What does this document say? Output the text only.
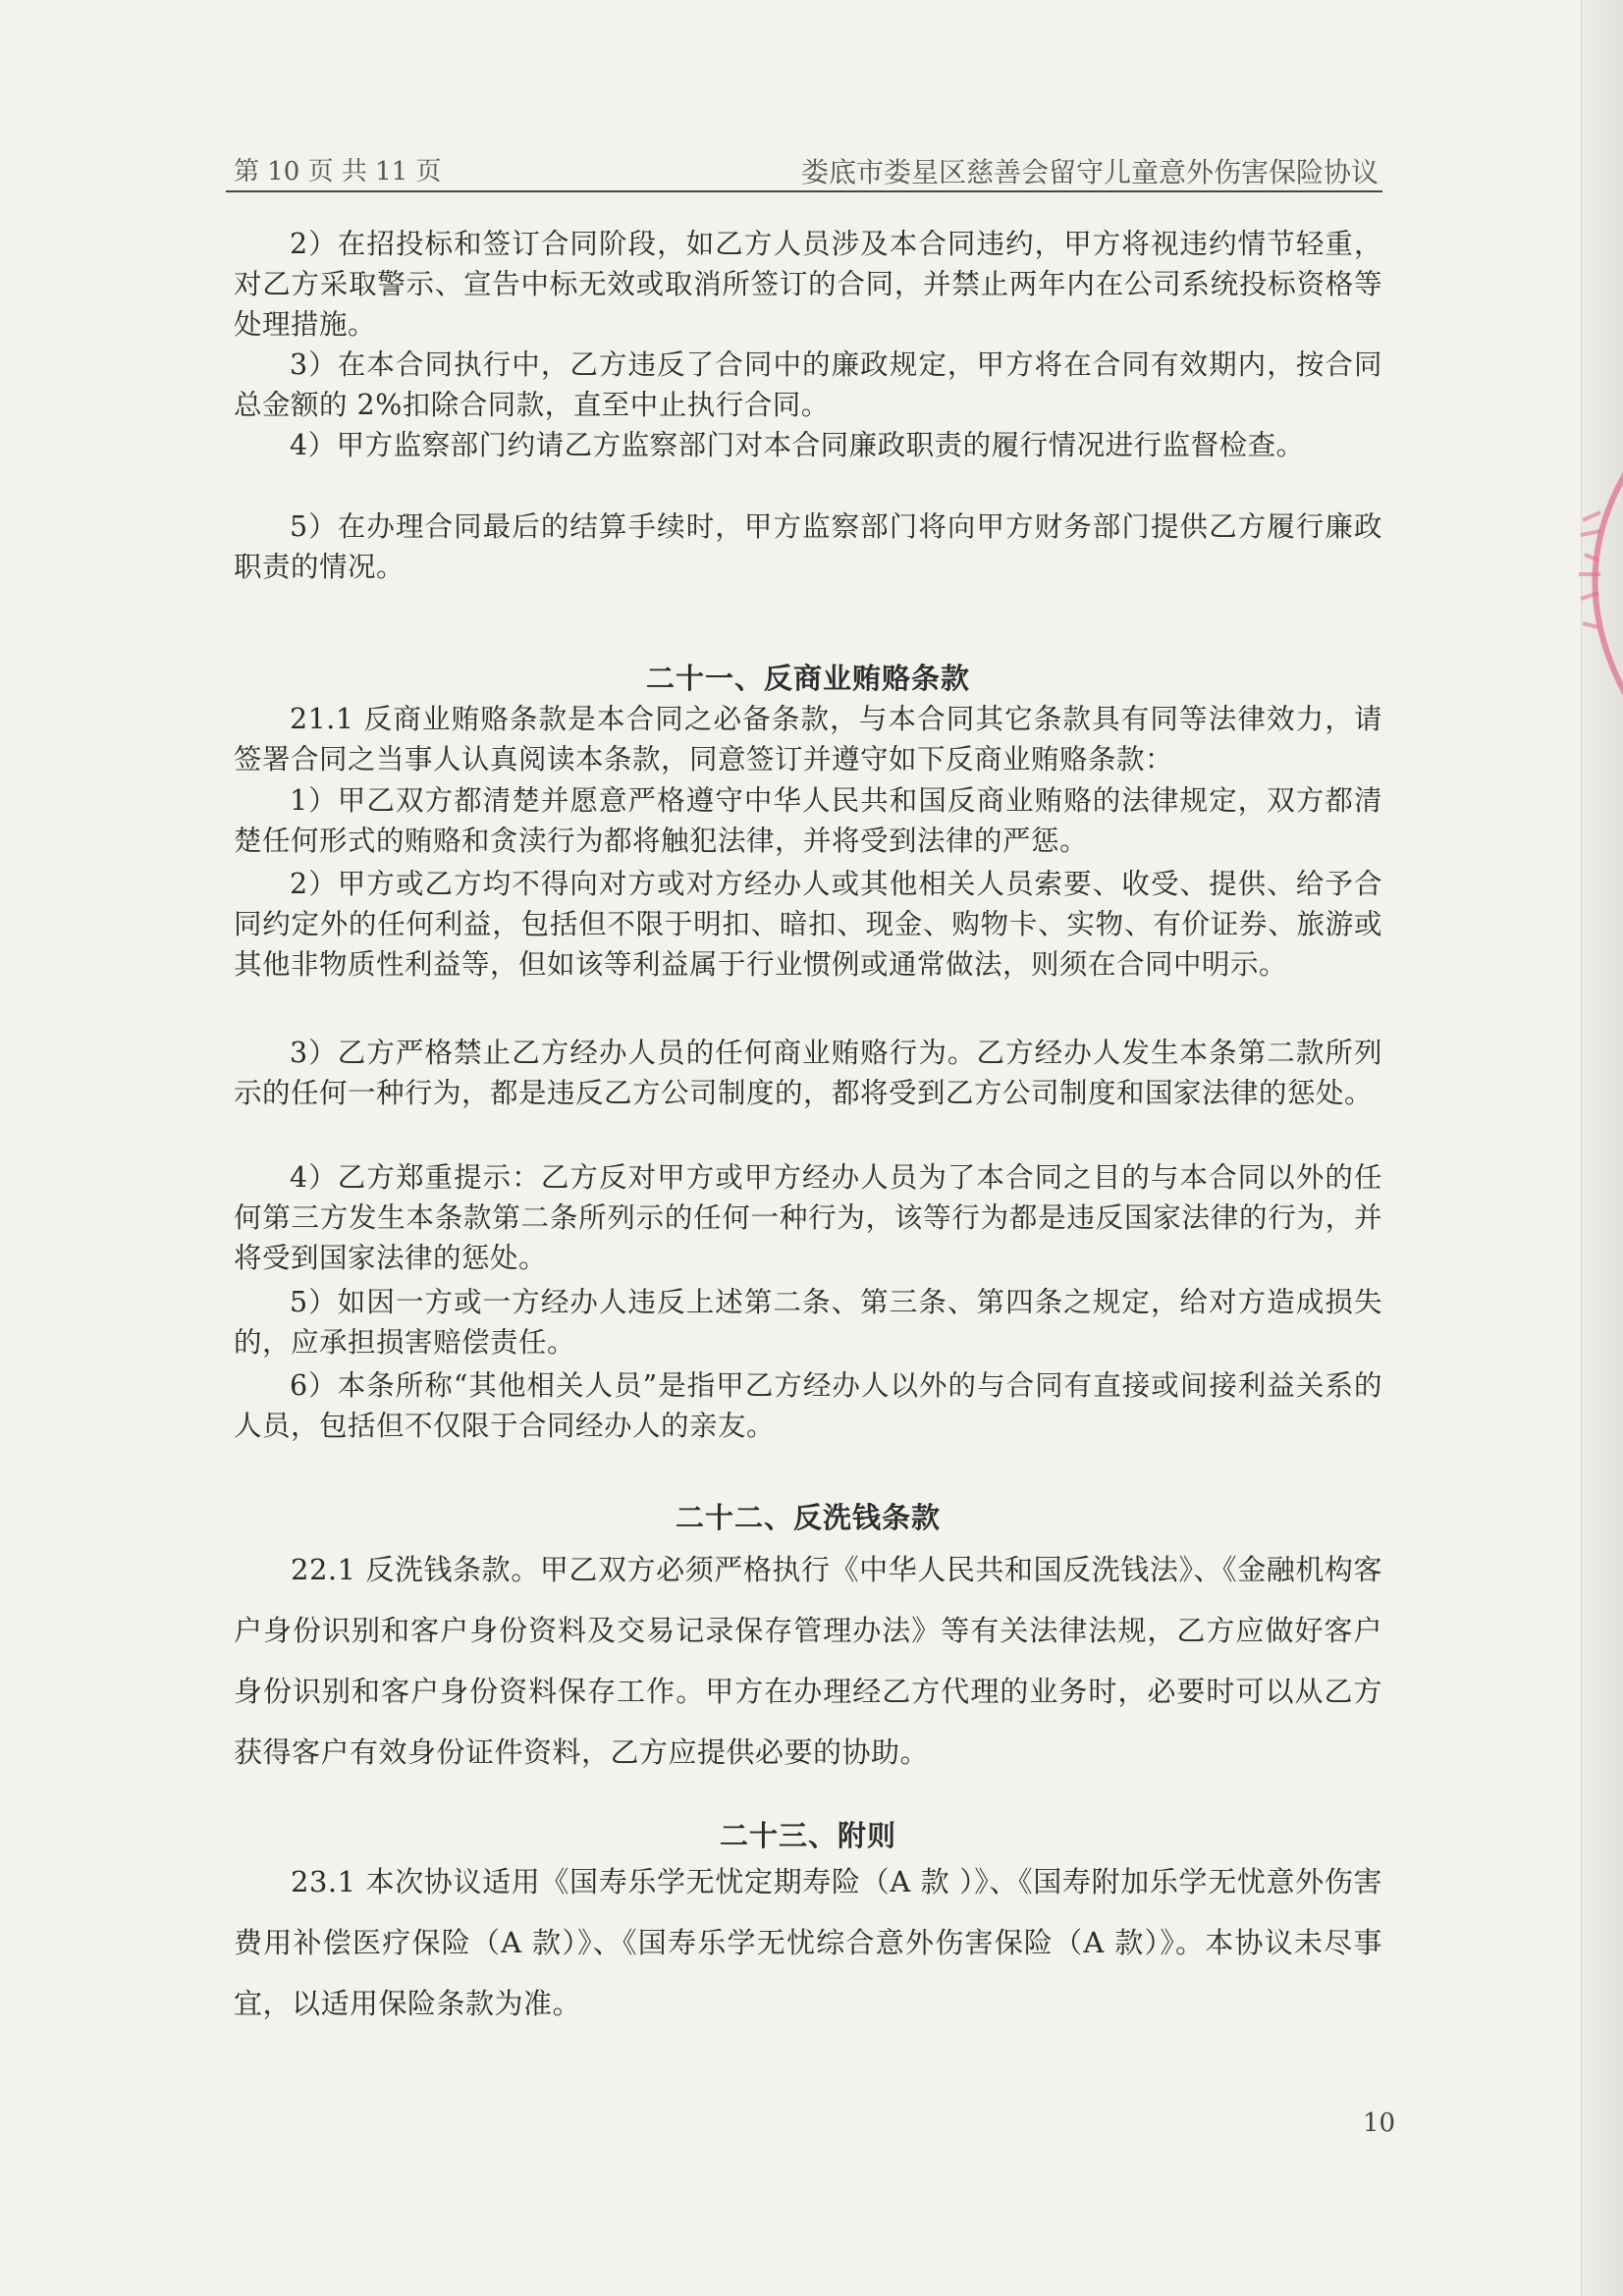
第 10 页 共 11 页	娄底市娄星区慈善会留守儿童意外伤害保险协议

2）在招投标和签订合同阶段，如乙方人员涉及本合同违约，甲方将视违约情节轻重，对乙方采取警示、宣告中标无效或取消所签订的合同，并禁止两年内在公司系统投标资格等处理措施。

3）在本合同执行中，乙方违反了合同中的廉政规定，甲方将在合同有效期内，按合同总金额的 2%扣除合同款，直至中止执行合同。

4）甲方监察部门约请乙方监察部门对本合同廉政职责的履行情况进行监督检查。

5）在办理合同最后的结算手续时，甲方监察部门将向甲方财务部门提供乙方履行廉政职责的情况。

二十一、反商业贿赂条款

21.1 反商业贿赂条款是本合同之必备条款，与本合同其它条款具有同等法律效力，请签署合同之当事人认真阅读本条款，同意签订并遵守如下反商业贿赂条款：

1）甲乙双方都清楚并愿意严格遵守中华人民共和国反商业贿赂的法律规定，双方都清楚任何形式的贿赂和贪渎行为都将触犯法律，并将受到法律的严惩。

2）甲方或乙方均不得向对方或对方经办人或其他相关人员索要、收受、提供、给予合同约定外的任何利益，包括但不限于明扣、暗扣、现金、购物卡、实物、有价证券、旅游或其他非物质性利益等，但如该等利益属于行业惯例或通常做法，则须在合同中明示。

3）乙方严格禁止乙方经办人员的任何商业贿赂行为。乙方经办人发生本条第二款所列示的任何一种行为，都是违反乙方公司制度的，都将受到乙方公司制度和国家法律的惩处。

4）乙方郑重提示：乙方反对甲方或甲方经办人员为了本合同之目的与本合同以外的任何第三方发生本条款第二条所列示的任何一种行为，该等行为都是违反国家法律的行为，并将受到国家法律的惩处。

5）如因一方或一方经办人违反上述第二条、第三条、第四条之规定，给对方造成损失的，应承担损害赔偿责任。

6）本条所称“其他相关人员”是指甲乙方经办人以外的与合同有直接或间接利益关系的人员，包括但不仅限于合同经办人的亲友。

二十二、反洗钱条款

22.1 反洗钱条款。甲乙双方必须严格执行《中华人民共和国反洗钱法》、《金融机构客户身份识别和客户身份资料及交易记录保存管理办法》等有关法律法规，乙方应做好客户身份识别和客户身份资料保存工作。甲方在办理经乙方代理的业务时，必要时可以从乙方获得客户有效身份证件资料，乙方应提供必要的协助。

二十三、附则

23.1 本次协议适用《国寿乐学无忧定期寿险（A 款 ）》、《国寿附加乐学无忧意外伤害费用补偿医疗保险（A 款）》、《国寿乐学无忧综合意外伤害保险（A 款）》。本协议未尽事宜，以适用保险条款为准。

10
